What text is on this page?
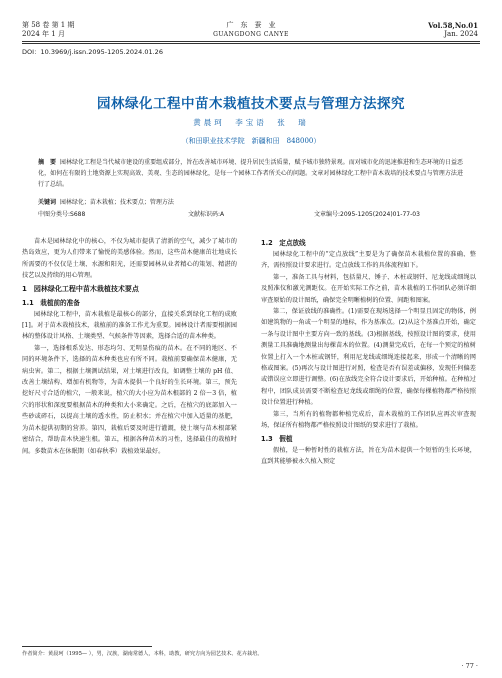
第 58 卷 第 1 期
2024 年 1 月
广　东　蚕　业
GUANGDONG CANYE
Vol.58,No.01
Jan. 2024
DOI：10.3969/j.issn.2095-1205.2024.01.26
园林绿化工程中苗木栽植技术要点与管理方法探究
黄晨珂　李宝语　张　瑞
（和田职业技术学院　新疆和田　848000）
摘　要 园林绿化工程是当代城市建设的重要组成部分，旨在改善城市环境、提升居民生活质量，赋予城市独特景观。而对城市化的迅速推进和生态环境的日益恶化，如何在有限的土地资源上实现高效、美观、生态的园林绿化，是每一个园林工作者所关心的问题。文章对园林绿化工程中苗木栽培的技术要点与管理方法进行了总结。
关键词 园林绿化；苗木栽植；技术要点；管理方法
中图分类号:S688	文献标识码:A	文章编号:2095-1205(2024)01-77-03

苗木是园林绿化中的核心，不仅为城市提供了清新的空气，减少了城市的热岛效应，更为人们带来了愉悦的美感体验。然而，这些苗木健康茁壮地成长所需要的不仅仅是土壤、水源和阳光，还需要园林从业者精心的策划、精湛的技艺以及持续的用心管理。

1　园林绿化工程中苗木栽植技术要点
1.1　栽植前的准备

园林绿化工程中，苗木栽植是最核心的部分，直接关系到绿化工程的成败[1]。对于苗木栽植技术，栽植前的准备工作尤为重要。园林设计者需要根据园林的整体设计风格、土壤类型、气候条件等因素，选择合适的苗木种类。

第一，选择根系发达、形态均匀、无明显伤痕的苗木。在不同的地区、不同的环境条件下，选择的苗木种类也应有所不同。栽植前要确保苗木健康，无病虫害。第二，根据土壤测试结果，对土壤进行改良，如调整土壤的 pH 值、改善土壤结构、增加有机物等，为苗木提供一个良好的生长环境。第三，预先挖好尺寸合适的植穴，一般来说，植穴的大小应为苗木根部的 2 倍～3 倍，植穴的形状和深度要根据苗木的种类和大小来确定。之后，在植穴的底部加入一些砂或碎石，以提高土壤的透水性，防止积水；并在植穴中加入适量的基肥，为苗木提供初期的营养。第四，栽植后要及时进行灌溉，使土壤与苗木根部紧密结合，帮助苗木快速生根。第五，根据各种苗木的习性，选择最佳的栽植时间。多数苗木在休眠期（如春秋季）栽植效果最好。

1.2　定点放线

园林绿化工程中的“定点放线”主要是为了确保苗木栽植位置的准确、整齐，需按照设计要求进行。定点放线工作的具体流程如下。

第一，准备工具与材料，包括量尺、锤子、木桩或钢钎、尼龙线或细绳以及照准仪和激光测距仪。在开始实际工作之前，苗木栽植的工作团队必须详细审查原始的设计图纸，确保完全明晰植树的位置、间距和图案。

第二，保证放线的准确性。(1)需要在现场选择一个明显且固定的物体，例如建筑物的一角或一个明显的地标，作为基准点。(2)从这个基准点开始，确定一条与设计图中主要方向一致的基线。(3)根据基线，按照设计图的要求，使用测量工具准确地测量出每棵苗木的位置。(4)测量完成后，在每一个预定的植树位置上打入一个木桩或钢钎，利用尼龙线或细绳连接起来，形成一个清晰的网格或图案。(5)再次与设计图进行对照，检查是否有误差或偏移，发现任何偏差或错误应立即进行调整。(6)在放线完全符合设计要求后，开始种植。在种植过程中，团队成员需要不断检查尼龙线或细绳的位置，确保每棵植物都严格按照设计位置进行种植。

第三，当所有的植物都种植完成后，苗木栽植的工作团队应再次审查现场，保证所有植物都严格按照设计图纸的要求进行了栽植。

1.3　假植

假植，是一种暂时性的栽植方法，旨在为苗木提供一个短暂的生长环境，直到其能够被永久植入预定

作者简介：黄晨珂（1995— ），男，汉族，湖南常德人，本科，助教，研究方向为园艺技术、花卉栽培。
· 77 ·
